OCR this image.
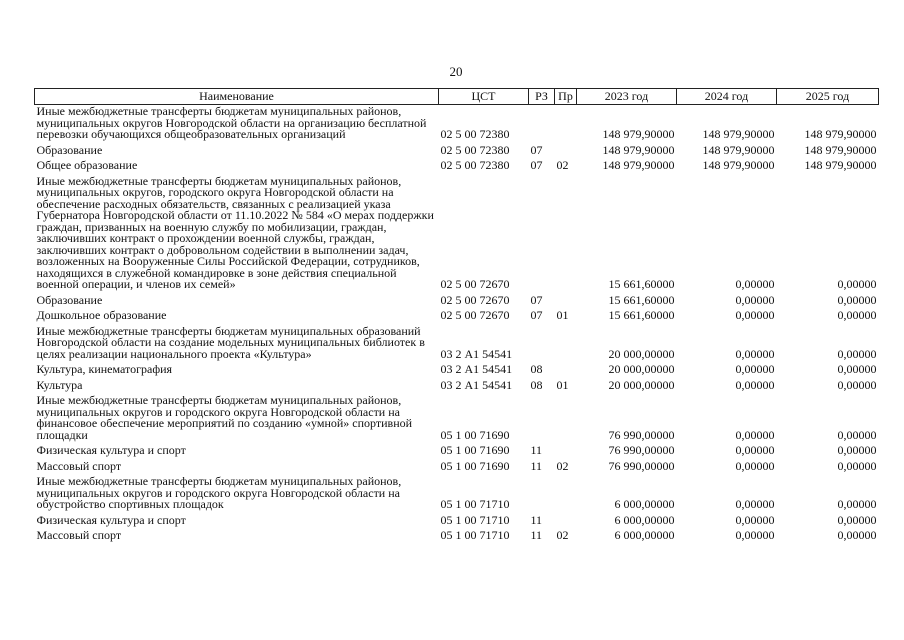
20
Наименование	ЦСТ	РЗ	Пр	2023 год	2024 год	2025 год
Иные межбюджетные трансферты бюджетам муниципальных районов, муниципальных округов Новгородской области на организацию бесплатной перевозки обучающихся общеобразовательных организаций	02 5 00 72380			148 979,90000	148 979,90000	148 979,90000
Образование	02 5 00 72380	07		148 979,90000	148 979,90000	148 979,90000
Общее образование	02 5 00 72380	07	02	148 979,90000	148 979,90000	148 979,90000
Иные межбюджетные трансферты бюджетам муниципальных районов, муниципальных округов, городского округа Новгородской области на обеспечение расходных обязательств, связанных с реализацией указа Губернатора Новгородской области от 11.10.2022 № 584 «О мерах поддержки граждан, призванных на военную службу по мобилизации, граждан, заключивших контракт о прохождении военной службы, граждан, заключивших контракт о добровольном содействии в выполнении задач, возложенных на Вооруженные Силы Российской Федерации, сотрудников, находящихся в служебной командировке в зоне действия специальной военной операции, и членов их семей»	02 5 00 72670			15 661,60000	0,00000	0,00000
Образование	02 5 00 72670	07		15 661,60000	0,00000	0,00000
Дошкольное образование	02 5 00 72670	07	01	15 661,60000	0,00000	0,00000
Иные межбюджетные трансферты бюджетам муниципальных образований Новгородской области на создание модельных муниципальных библиотек в целях реализации национального проекта «Культура»	03 2 А1 54541			20 000,00000	0,00000	0,00000
Культура, кинематография	03 2 А1 54541	08		20 000,00000	0,00000	0,00000
Культура	03 2 А1 54541	08	01	20 000,00000	0,00000	0,00000
Иные межбюджетные трансферты бюджетам муниципальных районов, муниципальных округов и городского округа Новгородской области на финансовое обеспечение мероприятий по созданию «умной» спортивной площадки	05 1 00 71690			76 990,00000	0,00000	0,00000
Физическая культура и спорт	05 1 00 71690	11		76 990,00000	0,00000	0,00000
Массовый спорт	05 1 00 71690	11	02	76 990,00000	0,00000	0,00000
Иные межбюджетные трансферты бюджетам муниципальных районов, муниципальных округов и городского округа Новгородской области на обустройство спортивных площадок	05 1 00 71710			6 000,00000	0,00000	0,00000
Физическая культура и спорт	05 1 00 71710	11		6 000,00000	0,00000	0,00000
Массовый спорт	05 1 00 71710	11	02	6 000,00000	0,00000	0,00000
